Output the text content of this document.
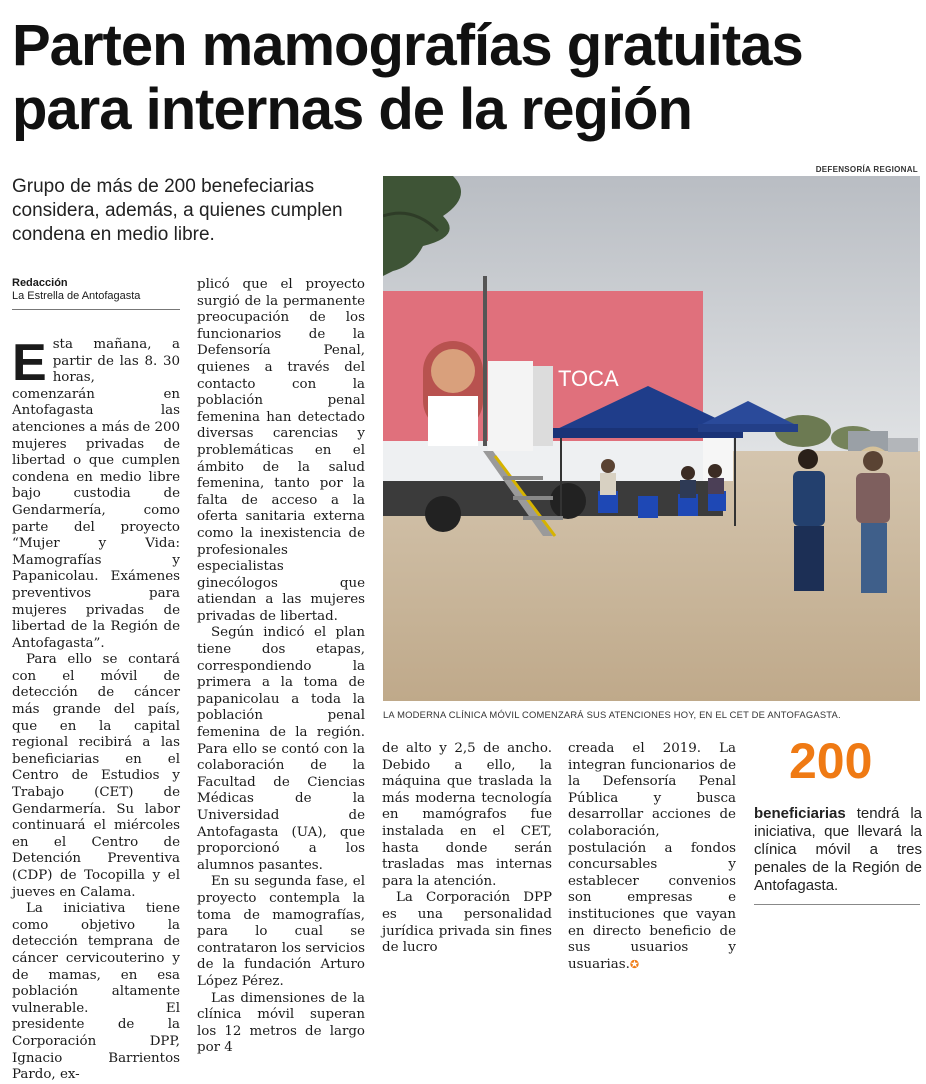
Parten mamografías gratuitas
para internas de la región
DEFENSORÍA REGIONAL

Grupo de más de 200 benefeciarias considera, además, a quienes cumplen condena en medio libre.

Redacción
La Estrella de Antofagasta

Esta mañana, a partir de las 8. 30 horas, comenzarán en Antofagasta las atenciones a más de 200 mujeres privadas de libertad o que cumplen condena en medio libre bajo custodia de Gendarmería, como parte del proyecto “Mujer y Vida: Mamografías y Papanicolau. Exámenes preventivos para mujeres privadas de libertad de la Región de Antofagasta”.

Para ello se contará con el móvil de detección de cáncer más grande del país, que en la capital regional recibirá a las beneficiarias en el Centro de Estudios y Trabajo (CET) de Gendarmería. Su labor continuará el miércoles en el Centro de Detención Preventiva (CDP) de Tocopilla y el jueves en Calama.

La iniciativa tiene como objetivo la detección temprana de cáncer cervicouterino y de mamas, en esa población altamente vulnerable. El presidente de la Corporación DPP, Ignacio Barrientos Pardo, ex-

plicó que el proyecto surgió de la permanente preocupación de los funcionarios de la Defensoría Penal, quienes a través del contacto con la población penal femenina han detectado diversas carencias y problemáticas en el ámbito de la salud femenina, tanto por la falta de acceso a la oferta sanitaria externa como la inexistencia de profesionales especialistas ginecólogos que atiendan a las mujeres privadas de libertad.

Según indicó el plan tiene dos etapas, correspondiendo la primera a la toma de papanicolau a toda la población penal femenina de la región. Para ello se contó con la colaboración de la Facultad de Ciencias Médicas de la Universidad de Antofagasta (UA), que proporcionó a los alumnos pasantes.

En su segunda fase, el proyecto contempla la toma de mamografías, para lo cual se contrataron los servicios de la fundación Arturo López Pérez.

Las dimensiones de la clínica móvil superan los 12 metros de largo por 4

TOCA
LA MODERNA CLÍNICA MÓVIL COMENZARÁ SUS ATENCIONES HOY, EN EL CET DE ANTOFAGASTA.

de alto y 2,5 de ancho. Debido a ello, la máquina que traslada la más moderna tecnología en mamógrafos fue instalada en el CET, hasta donde serán trasladas mas internas para la atención.

La Corporación DPP es una personalidad jurídica privada sin fines de lucro

creada el 2019. La integran funcionarios de la Defensoría Penal Pública y busca desarrollar acciones de colaboración, postulación a fondos concursables y establecer convenios son empresas e instituciones que vayan en directo beneficio de sus usuarios y usuarias.✪

200
beneficiarias tendrá la iniciativa, que llevará la clínica móvil a tres penales de la Región de Antofagasta.
